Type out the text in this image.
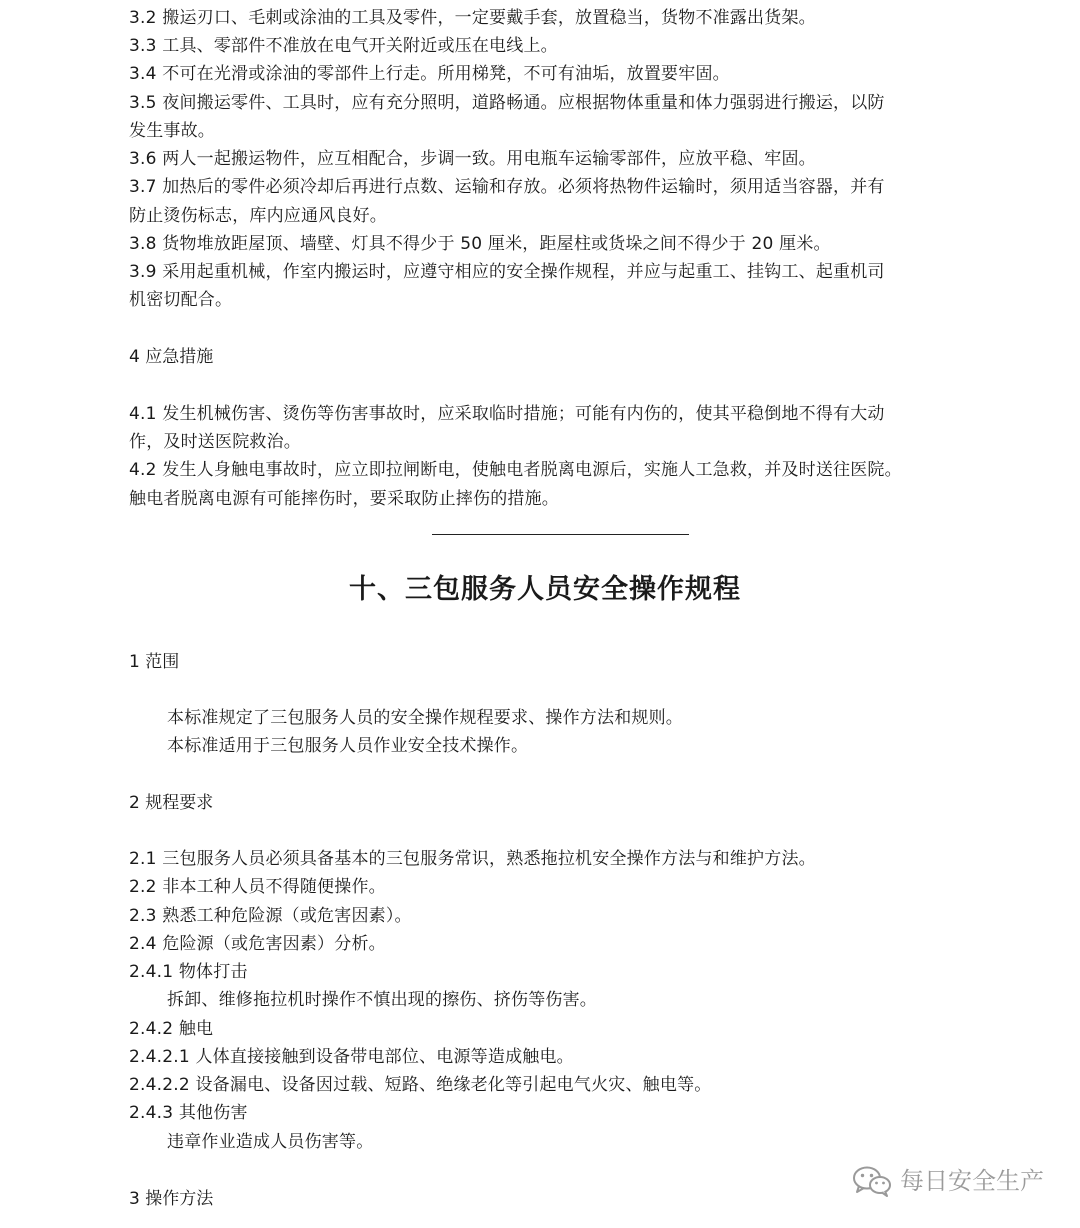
3.2 搬运刃口、毛刺或涂油的工具及零件，一定要戴手套，放置稳当，货物不准露出货架。
3.3 工具、零部件不准放在电气开关附近或压在电线上。
3.4 不可在光滑或涂油的零部件上行走。所用梯凳，不可有油垢，放置要牢固。
3.5 夜间搬运零件、工具时，应有充分照明，道路畅通。应根据物体重量和体力强弱进行搬运，以防
发生事故。
3.6 两人一起搬运物件，应互相配合，步调一致。用电瓶车运输零部件，应放平稳、牢固。
3.7 加热后的零件必须冷却后再进行点数、运输和存放。必须将热物件运输时，须用适当容器，并有
防止烫伤标志，库内应通风良好。
3.8 货物堆放距屋顶、墙壁、灯具不得少于 50 厘米，距屋柱或货垛之间不得少于 20 厘米。
3.9 采用起重机械，作室内搬运时，应遵守相应的安全操作规程，并应与起重工、挂钩工、起重机司
机密切配合。
4 应急措施
4.1 发生机械伤害、烫伤等伤害事故时，应采取临时措施；可能有内伤的，使其平稳倒地不得有大动
作，及时送医院救治。
4.2 发生人身触电事故时，应立即拉闸断电，使触电者脱离电源后，实施人工急救，并及时送往医院。
触电者脱离电源有可能摔伤时，要采取防止摔伤的措施。
十、三包服务人员安全操作规程
1 范围
本标准规定了三包服务人员的安全操作规程要求、操作方法和规则。
本标准适用于三包服务人员作业安全技术操作。
2 规程要求
2.1 三包服务人员必须具备基本的三包服务常识，熟悉拖拉机安全操作方法与和维护方法。
2.2 非本工种人员不得随便操作。
2.3 熟悉工种危险源（或危害因素）。
2.4 危险源（或危害因素）分析。
2.4.1 物体打击
拆卸、维修拖拉机时操作不慎出现的擦伤、挤伤等伤害。
2.4.2 触电
2.4.2.1 人体直接接触到设备带电部位、电源等造成触电。
2.4.2.2 设备漏电、设备因过载、短路、绝缘老化等引起电气火灾、触电等。
2.4.3 其他伤害
违章作业造成人员伤害等。
3 操作方法
每日安全生产
